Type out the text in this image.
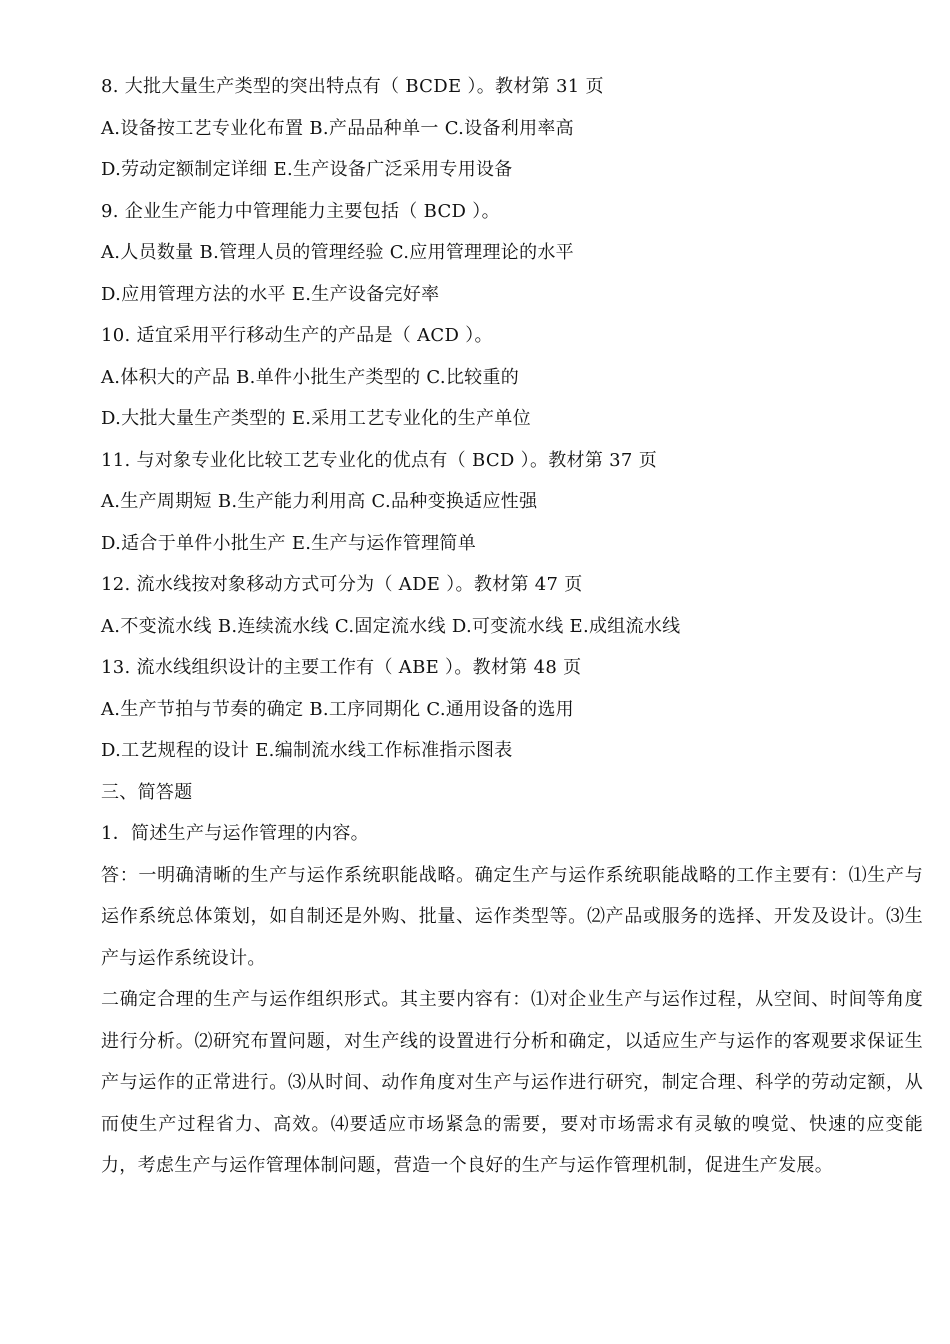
8. 大批大量生产类型的突出特点有（ BCDE ）。教材第 31 页
A.设备按工艺专业化布置 B.产品品种单一 C.设备利用率高
D.劳动定额制定详细 E.生产设备广泛采用专用设备
9. 企业生产能力中管理能力主要包括（ BCD ）。
A.人员数量 B.管理人员的管理经验 C.应用管理理论的水平
D.应用管理方法的水平 E.生产设备完好率
10. 适宜采用平行移动生产的产品是（ ACD ）。
A.体积大的产品 B.单件小批生产类型的 C.比较重的
D.大批大量生产类型的 E.采用工艺专业化的生产单位
11. 与对象专业化比较工艺专业化的优点有（ BCD ）。教材第 37 页
A.生产周期短 B.生产能力利用高 C.品种变换适应性强
D.适合于单件小批生产 E.生产与运作管理简单
12. 流水线按对象移动方式可分为（ ADE ）。教材第 47 页
A.不变流水线 B.连续流水线 C.固定流水线 D.可变流水线 E.成组流水线
13. 流水线组织设计的主要工作有（ ABE ）。教材第 48 页
A.生产节拍与节奏的确定 B.工序同期化 C.通用设备的选用
D.工艺规程的设计 E.编制流水线工作标准指示图表
三、简答题
1．简述生产与运作管理的内容。
答：一明确清晰的生产与运作系统职能战略。确定生产与运作系统职能战略的工作主要有：⑴生产与运作系统总体策划，如自制还是外购、批量、运作类型等。⑵产品或服务的选择、开发及设计。⑶生产与运作系统设计。
二确定合理的生产与运作组织形式。其主要内容有：⑴对企业生产与运作过程，从空间、时间等角度进行分析。⑵研究布置问题，对生产线的设置进行分析和确定，以适应生产与运作的客观要求保证生产与运作的正常进行。⑶从时间、动作角度对生产与运作进行研究，制定合理、科学的劳动定额，从而使生产过程省力、高效。⑷要适应市场紧急的需要，要对市场需求有灵敏的嗅觉、快速的应变能力，考虑生产与运作管理体制问题，营造一个良好的生产与运作管理机制，促进生产发展。
